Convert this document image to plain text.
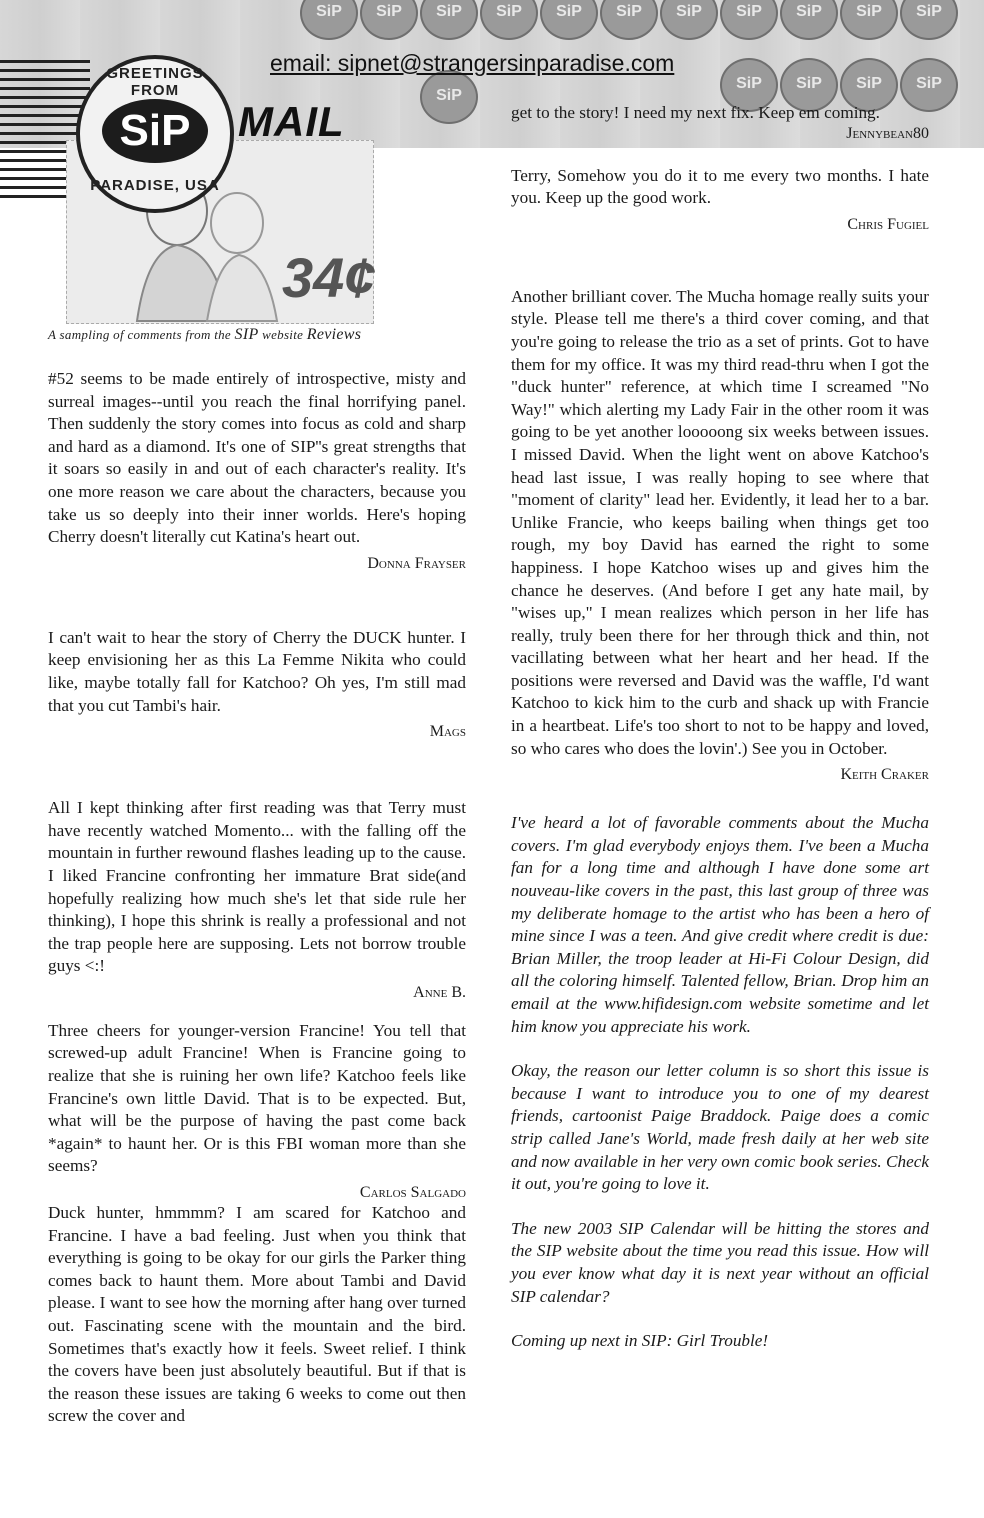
SiP	SiP	SiP	SiP	SiP	SiP	SiP	SiP	SiP	SiP	SiP
SiP	SiP	SiP	SiP
SiP
email: sipnet@strangersinparadise.com
GREETINGS FROM
SiP
PARADISE, USA
MAIL
34¢
A sampling of comments from the SIP website Reviews

#52 seems to be made entirely of introspective, misty and surreal images--until you reach the final horrifying panel. Then suddenly the story comes into focus as cold and sharp and hard as a diamond. It's one of SIP''s great strengths that it soars so easily in and out of each character's reality. It's one more reason we care about the characters, because you take us so deeply into their inner worlds. Here's hoping Cherry doesn't literally cut Katina's heart out.

Donna Frayser

I can't wait to hear the story of Cherry the DUCK hunter. I keep envisioning her as this La Femme Nikita who could like, maybe totally fall for Katchoo? Oh yes, I'm still mad that you cut Tambi's hair.

Mags

All I kept thinking after first reading was that Terry must have recently watched Momento... with the falling off the mountain in further rewound flashes leading up to the cause. I liked Francine confronting her immature Brat side(and hopefully realizing how much she's let that side rule her thinking), I hope this shrink is really a professional and not the trap people here are supposing. Lets not borrow trouble guys <:!

Anne B.

Three cheers for younger-version Francine! You tell that screwed-up adult Francine! When is Francine going to realize that she is ruining her own life? Katchoo feels like Francine's own little David. That is to be expected. But, what will be the purpose of having the past come back *again* to haunt her. Or is this FBI woman more than she seems?

Carlos Salgado

Duck hunter, hmmmm? I am scared for Katchoo and Francine. I have a bad feeling. Just when you think that everything is going to be okay for our girls the Parker thing comes back to haunt them. More about Tambi and David please. I want to see how the morning after hang over turned out. Fascinating scene with the mountain and the bird. Sometimes that's exactly how it feels. Sweet relief. I think the covers have been just absolutely beautiful. But if that is the reason these issues are taking 6 weeks to come out then screw the cover and

get to the story! I need my next fix. Keep em coming.

Jennybean80

Terry, Somehow you do it to me every two months. I hate you. Keep up the good work.

Chris Fugiel

Another brilliant cover. The Mucha homage really suits your style. Please tell me there's a third cover coming, and that you're going to release the trio as a set of prints. Got to have them for my office. It was my third read-thru when I got the "duck hunter" reference, at which time I screamed "No Way!" which alerting my Lady Fair in the other room it was going to be yet another looooong six weeks between issues. I missed David. When the light went on above Katchoo's head last issue, I was really hoping to see where that "moment of clarity" lead her. Evidently, it lead her to a bar. Unlike Francie, who keeps bailing when things get too rough, my boy David has earned the right to some happiness. I hope Katchoo wises up and gives him the chance he deserves. (And before I get any hate mail, by "wises up," I mean realizes which person in her life has really, truly been there for her through thick and thin, not vacillating between what her heart and her head. If the positions were reversed and David was the waffle, I'd want Katchoo to kick him to the curb and shack up with Francie in a heartbeat. Life's too short to not to be happy and loved, so who cares who does the lovin'.) See you in October.

Keith Craker

I've heard a lot of favorable comments about the Mucha covers. I'm glad everybody enjoys them. I've been a Mucha fan for a long time and although I have done some art nouveau-like covers in the past, this last group of three was my deliberate homage to the artist who has been a hero of mine since I was a teen. And give credit where credit is due: Brian Miller, the troop leader at Hi-Fi Colour Design, did all the coloring himself. Talented fellow, Brian. Drop him an email at the www.hifidesign.com website sometime and let him know you appreciate his work.

Okay, the reason our letter column is so short this issue is because I want to introduce you to one of my dearest friends, cartoonist Paige Braddock. Paige does a comic strip called Jane's World, made fresh daily at her web site and now available in her very own comic book series. Check it out, you're going to love it.

The new 2003 SIP Calendar will be hitting the stores and the SIP website about the time you read this issue. How will you ever know what day it is next year without an official SIP calendar?

Coming up next in SIP: Girl Trouble!
